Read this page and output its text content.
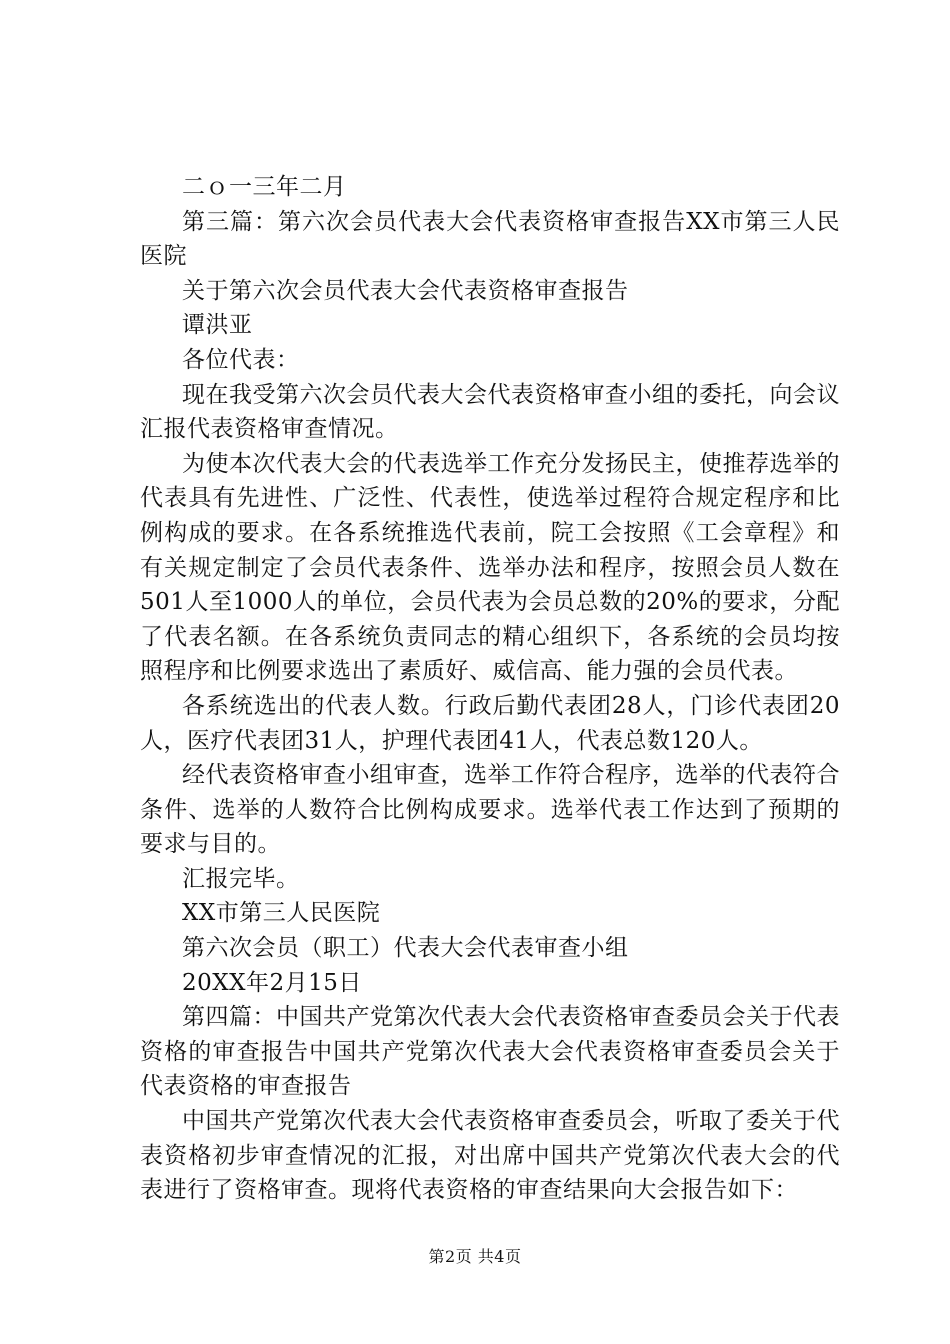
二ｏ一三年二月

第三篇：第六次会员代表大会代表资格审查报告XX市第三人民医院

关于第六次会员代表大会代表资格审查报告

谭洪亚

各位代表：

现在我受第六次会员代表大会代表资格审查小组的委托，向会议汇报代表资格审查情况。

为使本次代表大会的代表选举工作充分发扬民主，使推荐选举的代表具有先进性、广泛性、代表性，使选举过程符合规定程序和比例构成的要求。在各系统推选代表前，院工会按照《工会章程》和有关规定制定了会员代表条件、选举办法和程序，按照会员人数在501人至1000人的单位，会员代表为会员总数的20%的要求，分配了代表名额。在各系统负责同志的精心组织下，各系统的会员均按照程序和比例要求选出了素质好、威信高、能力强的会员代表。

各系统选出的代表人数。行政后勤代表团28人，门诊代表团20人，医疗代表团31人，护理代表团41人，代表总数120人。

经代表资格审查小组审查，选举工作符合程序，选举的代表符合条件、选举的人数符合比例构成要求。选举代表工作达到了预期的要求与目的。

汇报完毕。

XX市第三人民医院

第六次会员（职工）代表大会代表审查小组

20XX年2月15日

第四篇：中国共产党第次代表大会代表资格审查委员会关于代表资格的审查报告中国共产党第次代表大会代表资格审查委员会关于代表资格的审查报告

中国共产党第次代表大会代表资格审查委员会，听取了委关于代表资格初步审查情况的汇报，对出席中国共产党第次代表大会的代表进行了资格审查。现将代表资格的审查结果向大会报告如下：

第2页 共4页
